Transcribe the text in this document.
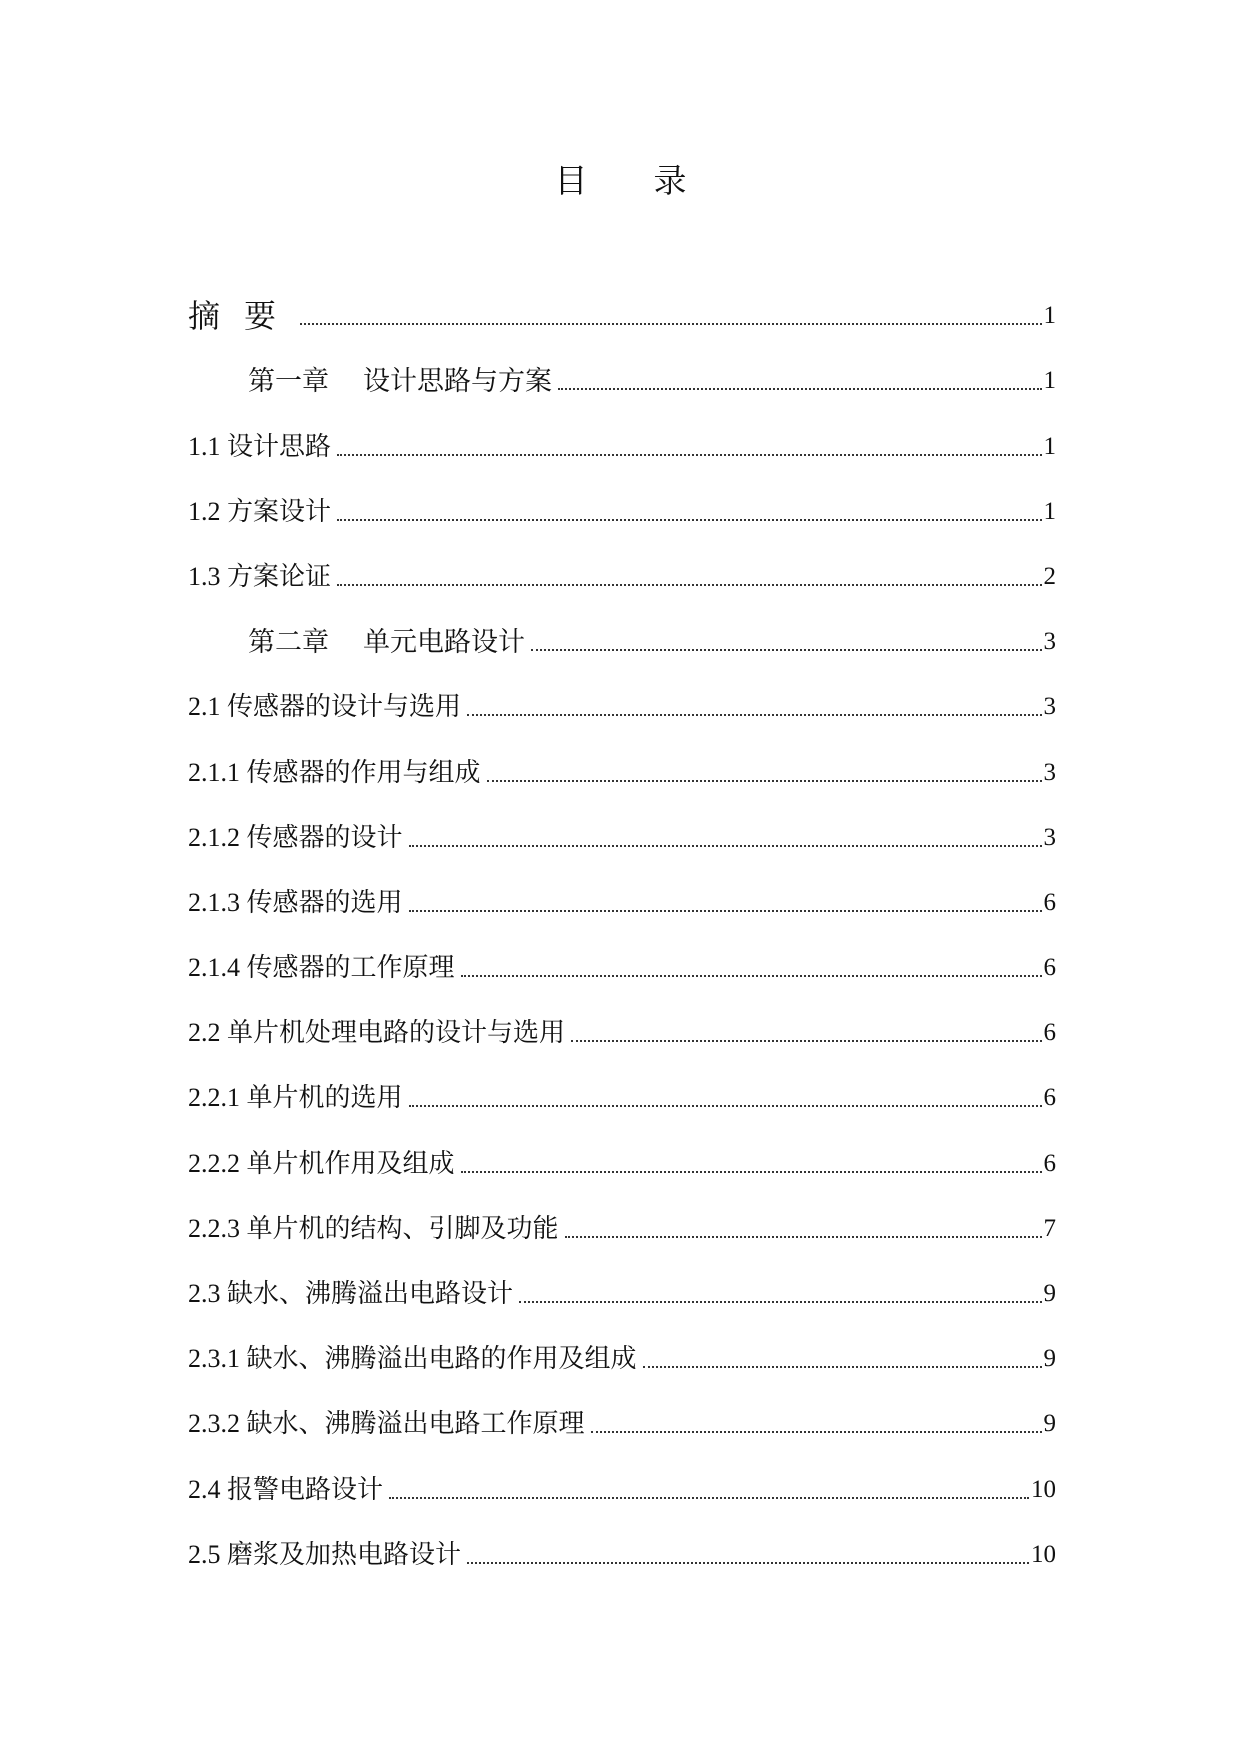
目录
摘要	1
第一章 设计思路与方案	1
1.1 设计思路	1
1.2 方案设计	1
1.3 方案论证	2
第二章 单元电路设计	3
2.1 传感器的设计与选用	3
2.1.1 传感器的作用与组成	3
2.1.2 传感器的设计	3
2.1.3 传感器的选用	6
2.1.4 传感器的工作原理	6
2.2 单片机处理电路的设计与选用	6
2.2.1 单片机的选用	6
2.2.2 单片机作用及组成	6
2.2.3 单片机的结构、引脚及功能	7
2.3 缺水、沸腾溢出电路设计	9
2.3.1 缺水、沸腾溢出电路的作用及组成	9
2.3.2 缺水、沸腾溢出电路工作原理	9
2.4 报警电路设计	10
2.5 磨浆及加热电路设计	10
